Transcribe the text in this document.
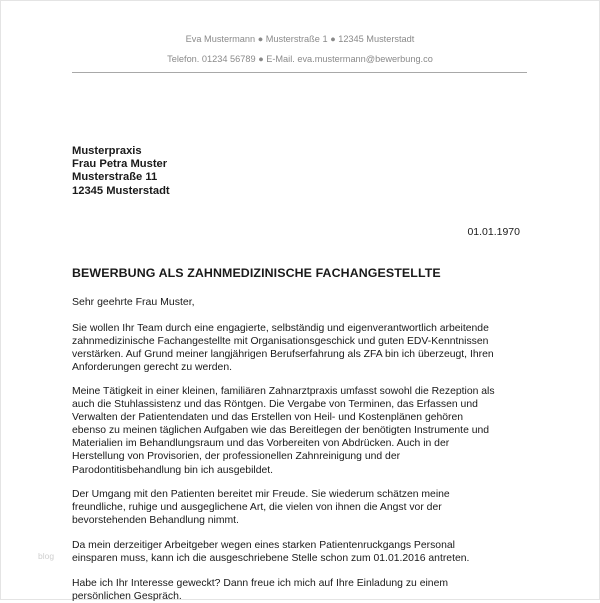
Eva Mustermann ● Musterstraße 1 ● 12345 Musterstadt
Telefon. 01234 56789 ● E-Mail. eva.mustermann@bewerbung.co
Musterpraxis
Frau Petra Muster
Musterstraße 11
12345 Musterstadt
01.01.1970
BEWERBUNG ALS ZAHNMEDIZINISCHE FACHANGESTELLTE
Sehr geehrte Frau Muster,
Sie wollen Ihr Team durch eine engagierte, selbständig und eigenverantwortlich arbeitende
zahnmedizinische Fachangestellte mit Organisationsgeschick und guten EDV-Kenntnissen
verstärken. Auf Grund meiner langjährigen Berufserfahrung als ZFA bin ich überzeugt, Ihren
Anforderungen gerecht zu werden.
Meine Tätigkeit in einer kleinen, familiären Zahnarztpraxis umfasst sowohl die Rezeption als
auch die Stuhlassistenz und das Röntgen. Die Vergabe von Terminen, das Erfassen und
Verwalten der Patientendaten und das Erstellen von Heil- und Kostenplänen gehören
ebenso zu meinen täglichen Aufgaben wie das Bereitlegen der benötigten Instrumente und
Materialien im Behandlungsraum und das Vorbereiten von Abdrücken. Auch in der
Herstellung von Provisorien, der professionellen Zahnreinigung und der
Parodontitisbehandlung bin ich ausgebildet.
Der Umgang mit den Patienten bereitet mir Freude. Sie wiederum schätzen meine
freundliche, ruhige und ausgeglichene Art, die vielen von ihnen die Angst vor der
bevorstehenden Behandlung nimmt.
Da mein derzeitiger Arbeitgeber wegen eines starken Patientenruckgangs Personal
einsparen muss, kann ich die ausgeschriebene Stelle schon zum 01.01.2016 antreten.
Habe ich Ihr Interesse geweckt? Dann freue ich mich auf Ihre Einladung zu einem
persönlichen Gespräch.
blog
